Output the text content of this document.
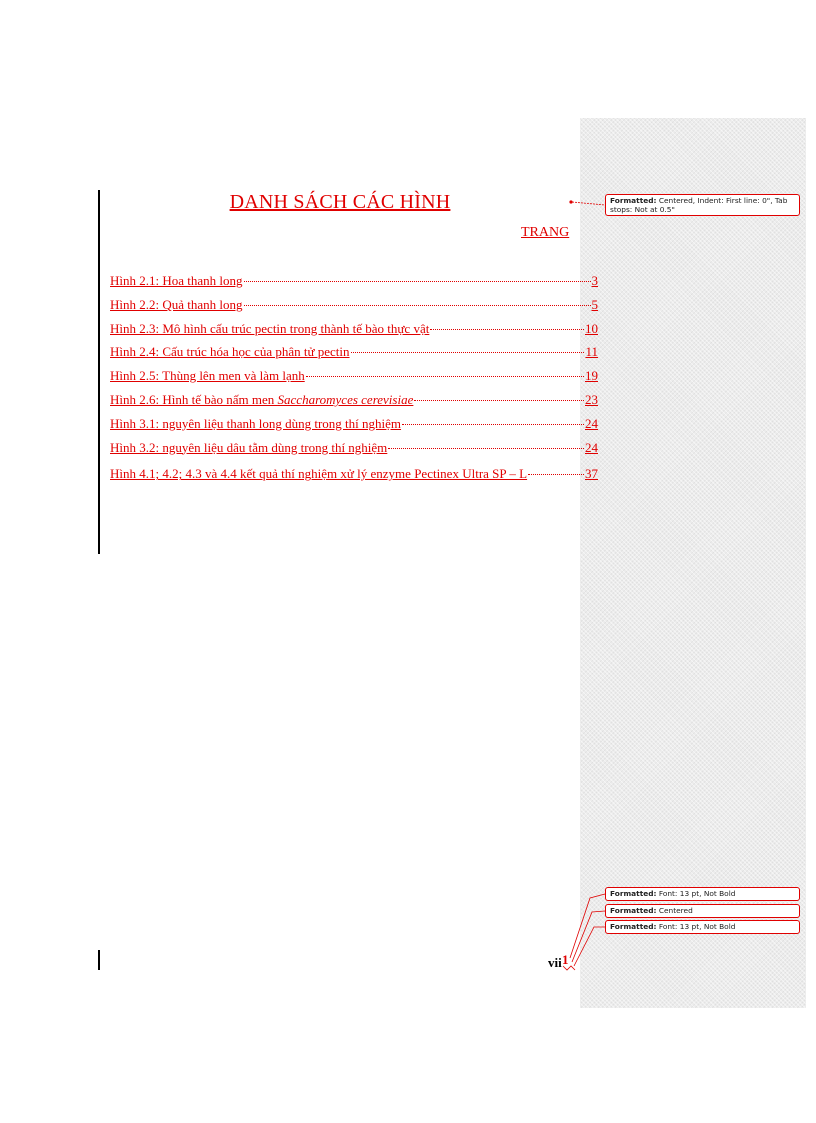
DANH SÁCH CÁC HÌNH
TRANG
Hình 2.1: Hoa thanh long	3
Hình 2.2: Quả thanh long	5
Hình 2.3: Mô hình cấu trúc pectin trong thành tế bào thực vật	10
Hình 2.4: Cấu trúc hóa học của phân tử pectin	11
Hình 2.5: Thùng lên men và làm lạnh	19
Hình 2.6: Hình tế bào nấm men Saccharomyces cerevisiae	23
Hình 3.1: nguyên liệu thanh long dùng trong thí nghiệm	24
Hình 3.2: nguyên liệu dâu tằm dùng trong thí nghiệm	24
Hình 4.1; 4.2; 4.3 và 4.4 kết quả thí nghiệm xử lý enzyme Pectinex Ultra SP – L	37
vii 1
Formatted: Centered, Indent: First line: 0", Tab stops: Not at 0.5"
Formatted: Font: 13 pt, Not Bold
Formatted: Centered
Formatted: Font: 13 pt, Not Bold
